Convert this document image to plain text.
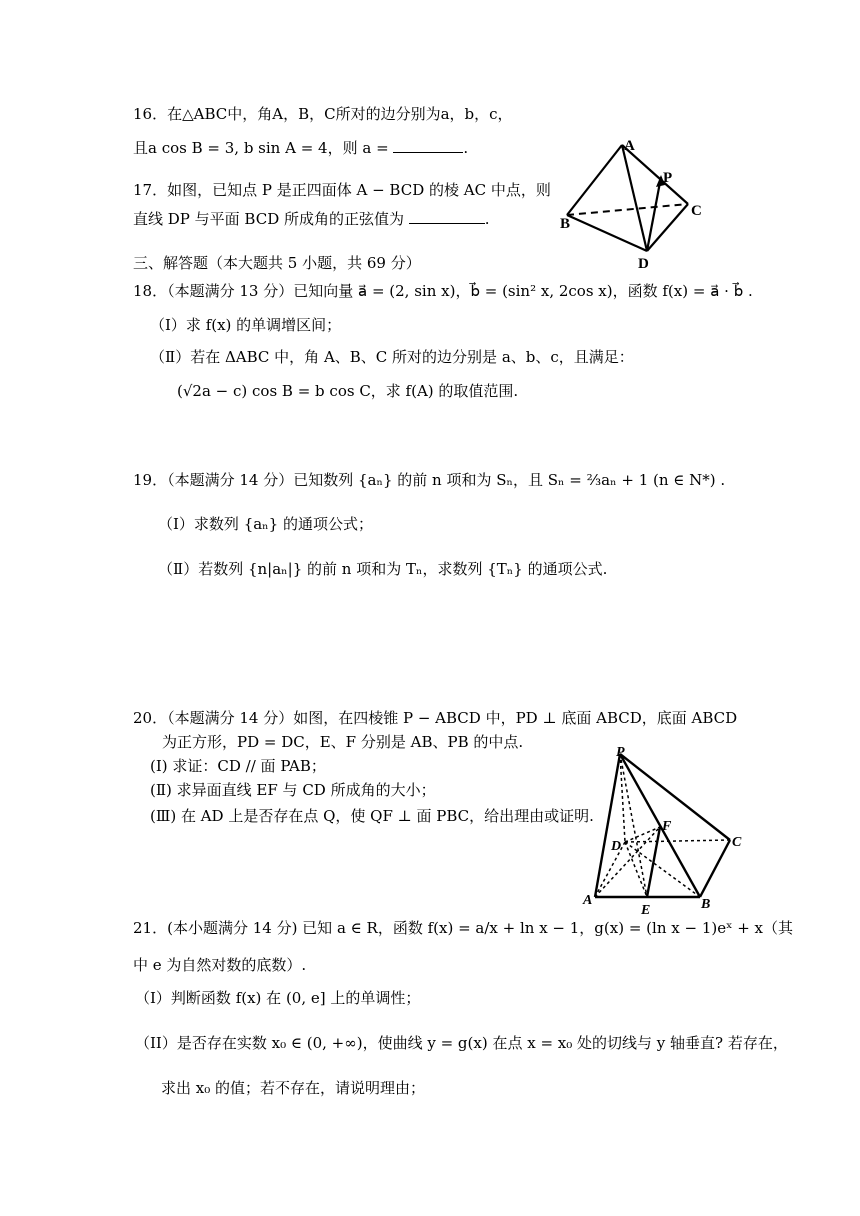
16．在△ABC中，角A，B，C所对的边分别为a，b，c，
且a cos B = 3, b sin A = 4，则 a =	.
17．如图，已知点 P 是正四面体 A − BCD 的棱 AC 中点，则
直线 DP 与平面 BCD 所成角的正弦值为	.
A
P
C
B
D
三、解答题（本大题共 5 小题，共 69 分）
18．（本题满分 13 分）已知向量 a⃗ = (2, sin x)，b⃗ = (sin² x, 2cos x)，函数 f(x) = a⃗ · b⃗ .
（Ⅰ）求 f(x) 的单调增区间；
（Ⅱ）若在 ΔABC 中，角 A、B、C 所对的边分别是 a、b、c，且满足：
(√2a − c) cos B = b cos C，求 f(A) 的取值范围.
19．（本题满分 14 分）已知数列 {aₙ} 的前 n 项和为 Sₙ，且 Sₙ = ⅔aₙ + 1 (n ∈ N*) .
（Ⅰ）求数列 {aₙ} 的通项公式；
（Ⅱ）若数列 {n|aₙ|} 的前 n 项和为 Tₙ，求数列 {Tₙ} 的通项公式.
20．（本题满分 14 分）如图，在四棱锥 P − ABCD 中，PD ⊥ 底面 ABCD，底面 ABCD
为正方形，PD = DC，E、F 分别是 AB、PB 的中点.
(Ⅰ) 求证：CD // 面 PAB；
(Ⅱ) 求异面直线 EF 与 CD 所成角的大小；
(Ⅲ) 在 AD 上是否存在点 Q，使 QF ⊥ 面 PBC，给出理由或证明.
P
F
C
D
A	B
E
21．(本小题满分 14 分) 已知 a ∈ R，函数 f(x) = a/x + ln x − 1，g(x) = (ln x − 1)eˣ + x（其
中 e 为自然对数的底数）.
（Ⅰ）判断函数 f(x) 在 (0, e] 上的单调性；
（II）是否存在实数 x₀ ∈ (0, +∞)，使曲线 y = g(x) 在点 x = x₀ 处的切线与 y 轴垂直? 若存在，
求出 x₀ 的值；若不存在，请说明理由；
